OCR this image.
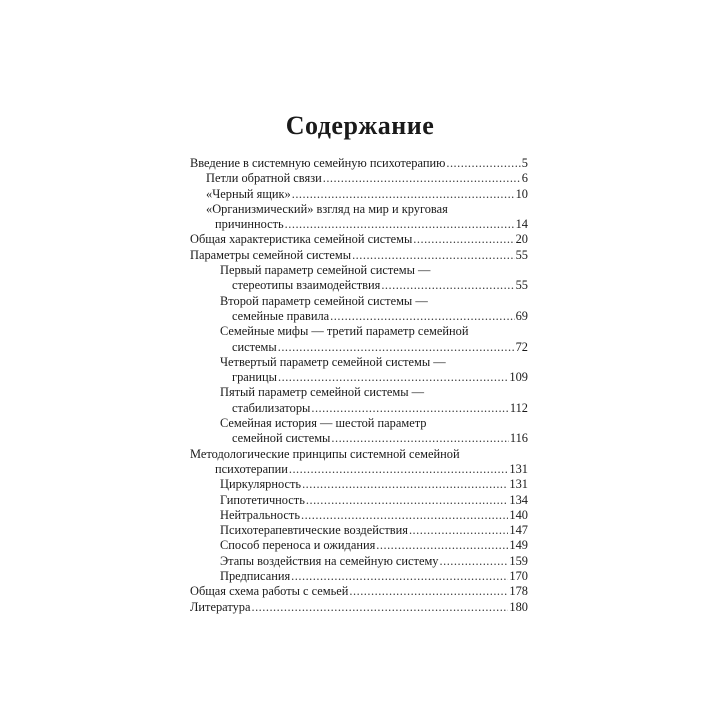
Содержание
Введение в системную семейную психотерапию .....	5
Петли обратной связи .....	6
«Черный ящик» .....	10
«Организмический» взгляд на мир и круговая
причинность .....	14
Общая характеристика семейной системы .....	20
Параметры семейной системы .....	55
Первый параметр семейной системы —
стереотипы взаимодействия .....	55
Второй параметр семейной системы —
семейные правила .....	69
Семейные мифы — третий параметр семейной
системы .....	72
Четвертый параметр семейной системы —
границы .....	109
Пятый параметр семейной системы —
стабилизаторы .....	112
Семейная история — шестой параметр
семейной системы .....	116
Методологические принципы системной семейной
психотерапии .....	131
Циркулярность .....	131
Гипотетичность .....	134
Нейтральность .....	140
Психотерапевтические воздействия .....	147
Способ переноса и ожидания .....	149
Этапы воздействия на семейную систему .....	159
Предписания .....	170
Общая схема работы с семьей .....	178
Литература .....	180
